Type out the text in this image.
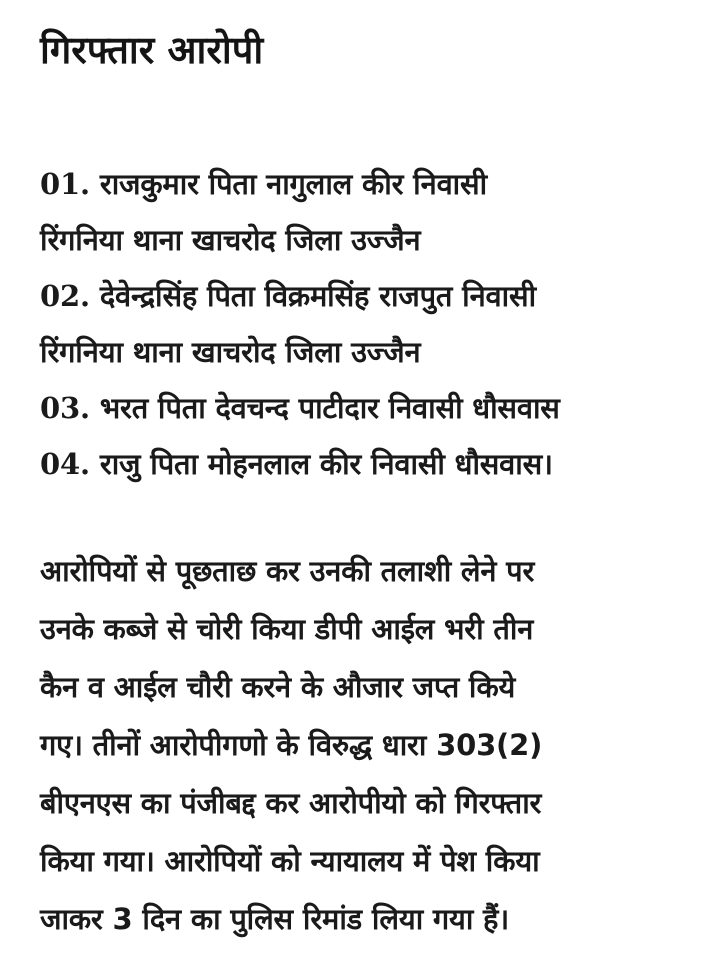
गिरफ्तार आरोपी

01. राजकुमार पिता नागुलाल कीर निवासी

रिंगनिया थाना खाचरोद जिला उज्जैन

02. देवेन्द्रसिंह पिता विक्रमसिंह राजपुत निवासी

रिंगनिया थाना खाचरोद जिला उज्जैन

03. भरत पिता देवचन्द पाटीदार निवासी धौसवास

04. राजु पिता मोहनलाल कीर निवासी धौसवास।

आरोपियों से पूछताछ कर उनकी तलाशी लेने पर
उनके कब्जे से चोरी किया डीपी आईल भरी तीन
कैन व आईल चौरी करने के औजार जप्त किये
गए। तीनों आरोपीगणो के विरुद्ध धारा 303(2)
बीएनएस का पंजीबद्द कर आरोपीयो को गिरफ्तार
किया गया। आरोपियों को न्यायालय में पेश किया
जाकर 3 दिन का पुलिस रिमांड लिया गया हैं।
